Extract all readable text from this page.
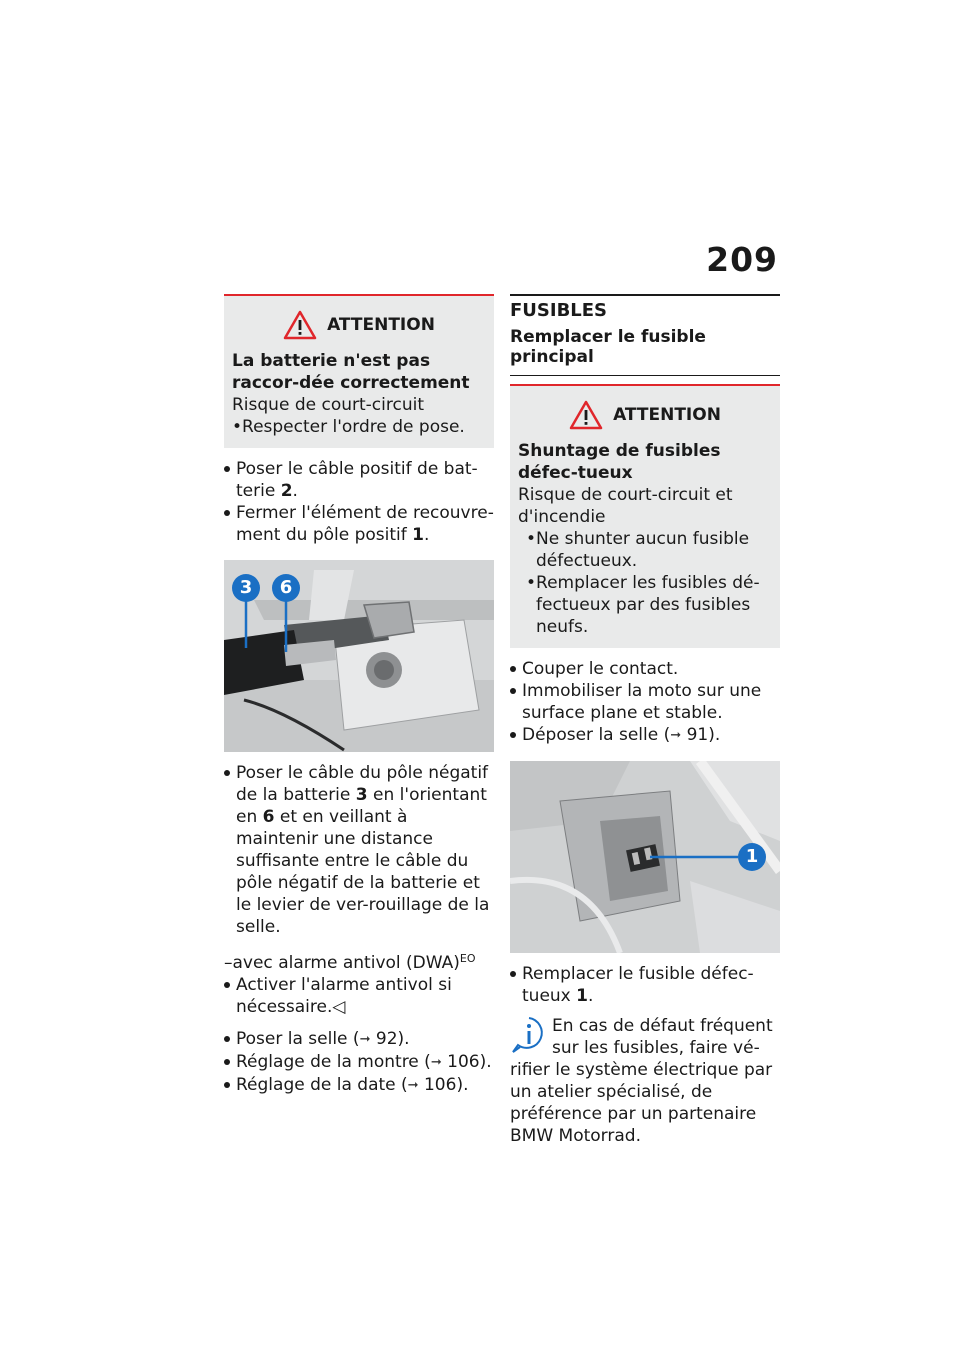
209
ATTENTION
La batterie n'est pas raccor-dée correctement
Risque de court-circuit
• Respecter l'ordre de pose.
Poser le câble positif de bat-terie 2.
Fermer l'élément de recouvre-ment du pôle positif 1.
3 6
Poser le câble du pôle négatif de la batterie 3 en l'orientant en 6 et en veillant à maintenir une distance suffisante entre le câble du pôle négatif de la batterie et le levier de ver-rouillage de la selle.
–avec alarme antivol (DWA)$^{EO}$
Activer l'alarme antivol si nécessaire.◁
Poser la selle (➞ 92).
Réglage de la montre (➞ 106).
Réglage de la date (➞ 106).
FUSIBLES
Remplacer le fusible principal
ATTENTION
Shuntage de fusibles défec-tueux
Risque de court-circuit et d'incendie
• Ne shunter aucun fusible défectueux.
• Remplacer les fusibles dé-fectueux par des fusibles neufs.
Couper le contact.
Immobiliser la moto sur une surface plane et stable.
Déposer la selle (➞ 91).
1
Remplacer le fusible défec-tueux 1.
En cas de défaut fréquent sur les fusibles, faire vé-rifier le système électrique par un atelier spécialisé, de préférence par un partenaire BMW Motorrad.
